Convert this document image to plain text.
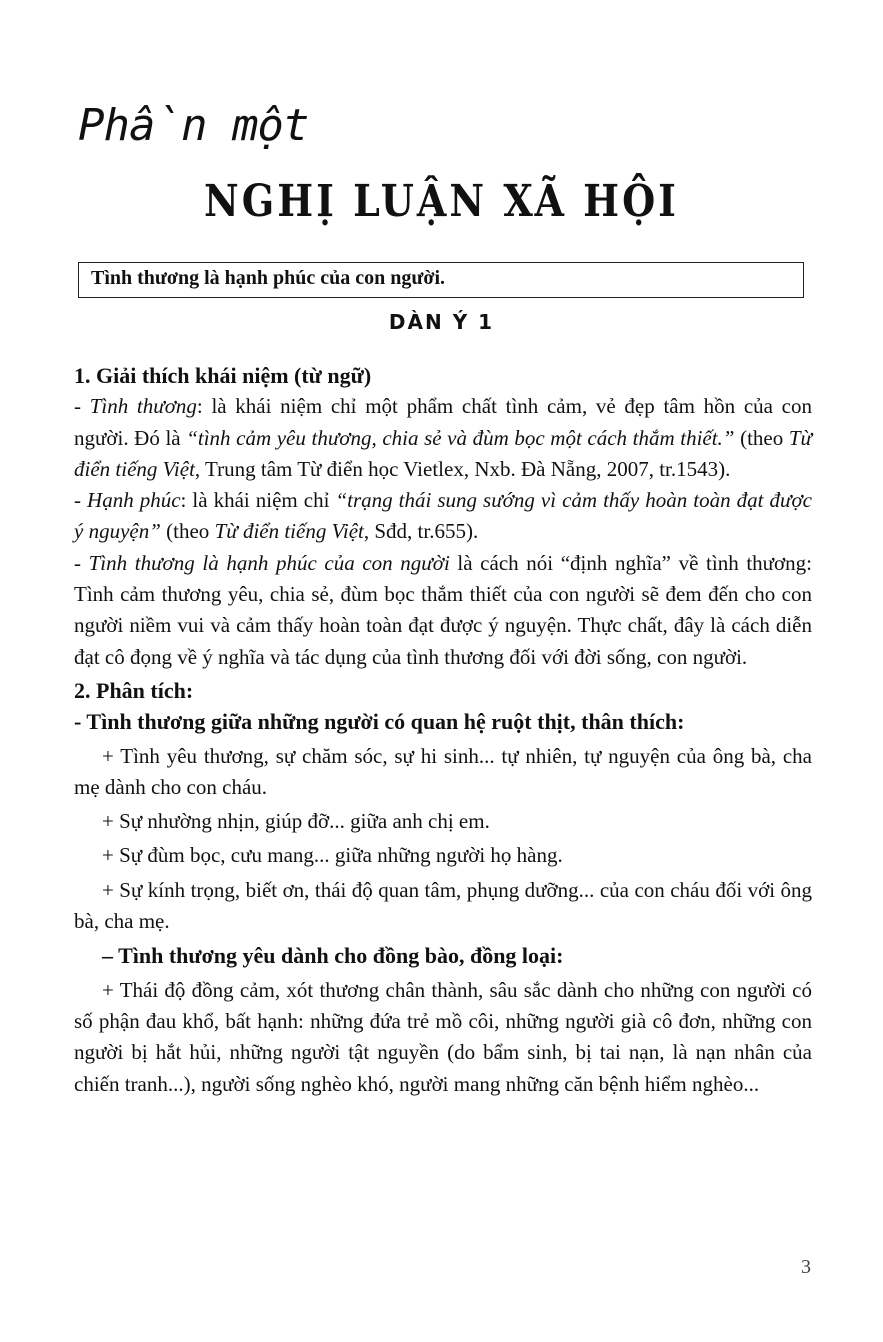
Phần một
NGHỊ LUẬN XÃ HỘI
Tình thương là hạnh phúc của con người.
DÀN Ý 1

1. Giải thích khái niệm (từ ngữ)

- Tình thương: là khái niệm chỉ một phẩm chất tình cảm, vẻ đẹp tâm hồn của con người. Đó là “tình cảm yêu thương, chia sẻ và đùm bọc một cách thắm thiết.” (theo Từ điển tiếng Việt, Trung tâm Từ điển học Vietlex, Nxb. Đà Nẵng, 2007, tr.1543).

- Hạnh phúc: là khái niệm chỉ “trạng thái sung sướng vì cảm thấy hoàn toàn đạt được ý nguyện” (theo Từ điển tiếng Việt, Sđd, tr.655).

- Tình thương là hạnh phúc của con người là cách nói “định nghĩa” về tình thương: Tình cảm thương yêu, chia sẻ, đùm bọc thắm thiết của con người sẽ đem đến cho con người niềm vui và cảm thấy hoàn toàn đạt được ý nguyện. Thực chất, đây là cách diễn đạt cô đọng về ý nghĩa và tác dụng của tình thương đối với đời sống, con người.

2. Phân tích:

- Tình thương giữa những người có quan hệ ruột thịt, thân thích:

+ Tình yêu thương, sự chăm sóc, sự hi sinh... tự nhiên, tự nguyện của ông bà, cha mẹ dành cho con cháu.

+ Sự nhường nhịn, giúp đỡ... giữa anh chị em.

+ Sự đùm bọc, cưu mang... giữa những người họ hàng.

+ Sự kính trọng, biết ơn, thái độ quan tâm, phụng dưỡng... của con cháu đối với ông bà, cha mẹ.

– Tình thương yêu dành cho đồng bào, đồng loại:

+ Thái độ đồng cảm, xót thương chân thành, sâu sắc dành cho những con người có số phận đau khổ, bất hạnh: những đứa trẻ mồ côi, những người già cô đơn, những con người bị hắt hủi, những người tật nguyền (do bẩm sinh, bị tai nạn, là nạn nhân của chiến tranh...), người sống nghèo khó, người mang những căn bệnh hiểm nghèo...

3
